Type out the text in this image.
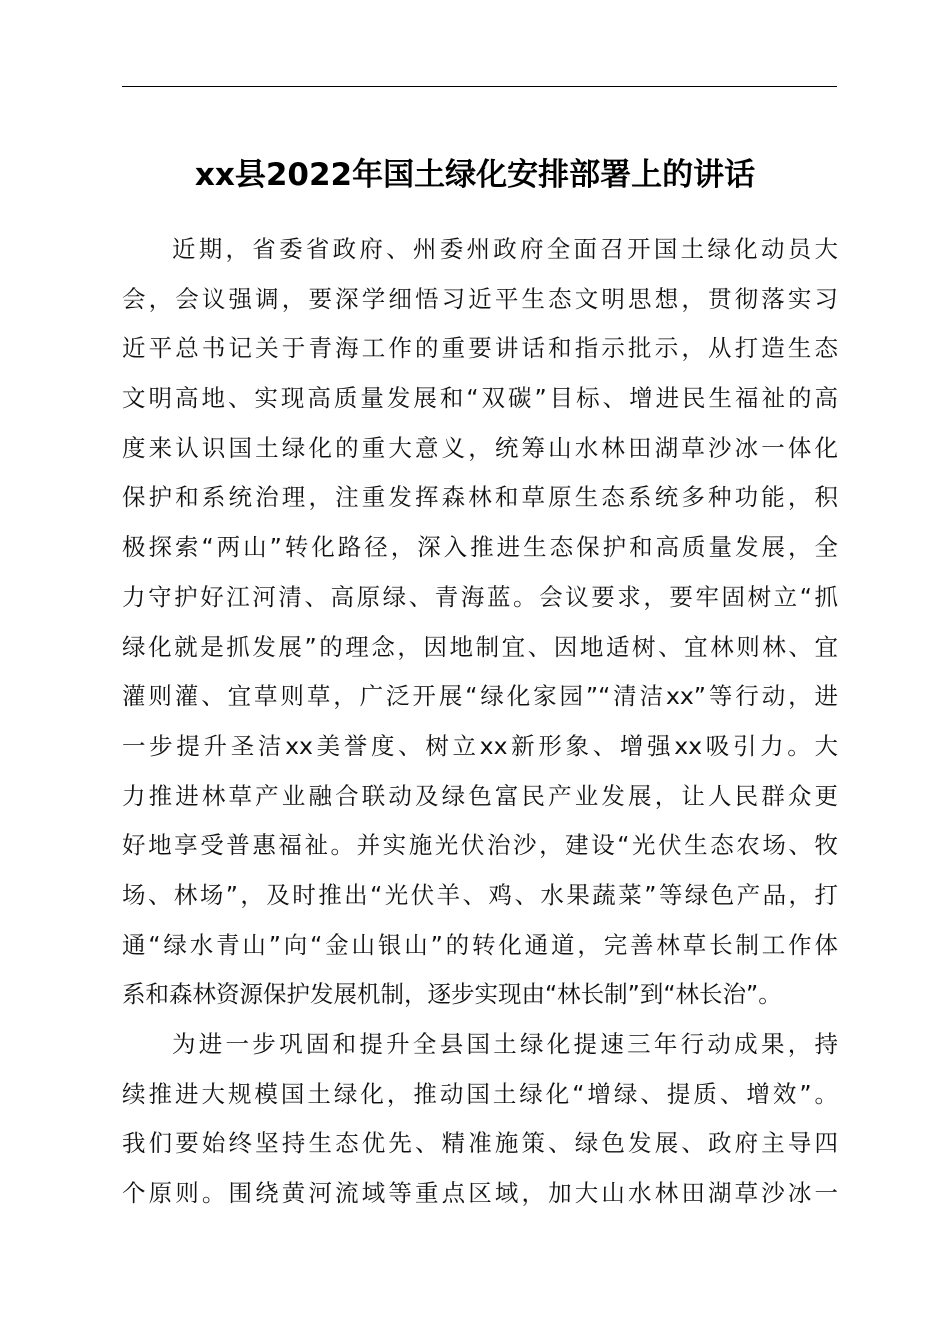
xx县2022年国土绿化安排部署上的讲话
近期，省委省政府、州委州政府全面召开国土绿化动员大
会，会议强调，要深学细悟习近平生态文明思想，贯彻落实习
近平总书记关于青海工作的重要讲话和指示批示，从打造生态
文明高地、实现高质量发展和“双碳”目标、增进民生福祉的高
度来认识国土绿化的重大意义，统筹山水林田湖草沙冰一体化
保护和系统治理，注重发挥森林和草原生态系统多种功能，积
极探索“两山”转化路径，深入推进生态保护和高质量发展，全
力守护好江河清、高原绿、青海蓝。会议要求，要牢固树立“抓
绿化就是抓发展”的理念，因地制宜、因地适树、宜林则林、宜
灌则灌、宜草则草，广泛开展“绿化家园”“清洁xx”等行动，进
一步提升圣洁xx美誉度、树立xx新形象、增强xx吸引力。大
力推进林草产业融合联动及绿色富民产业发展，让人民群众更
好地享受普惠福祉。并实施光伏治沙，建设“光伏生态农场、牧
场、林场”，及时推出“光伏羊、鸡、水果蔬菜”等绿色产品，打
通“绿水青山”向“金山银山”的转化通道，完善林草长制工作体
系和森林资源保护发展机制，逐步实现由“林长制”到“林长治”。
为进一步巩固和提升全县国土绿化提速三年行动成果，持
续推进大规模国土绿化，推动国土绿化“增绿、提质、增效”。
我们要始终坚持生态优先、精准施策、绿色发展、政府主导四
个原则。围绕黄河流域等重点区域，加大山水林田湖草沙冰一
